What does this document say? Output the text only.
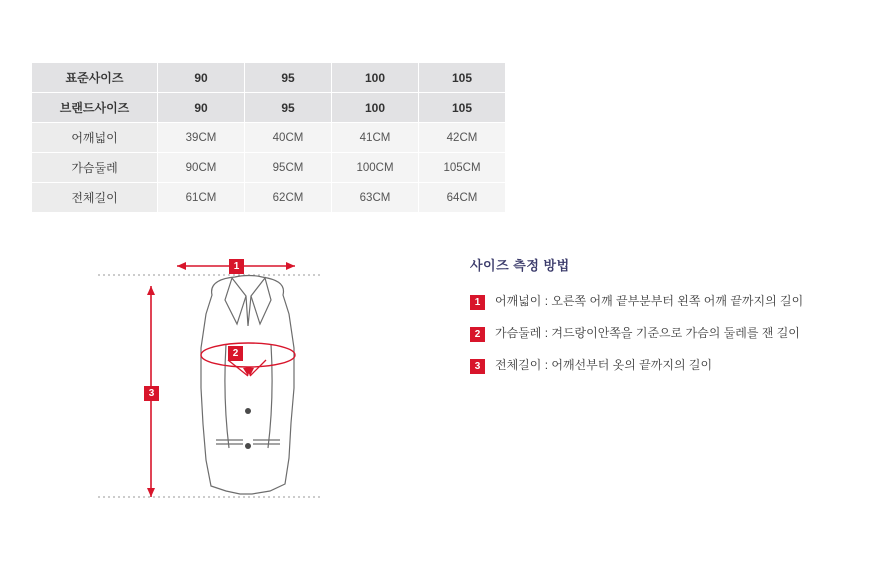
표준사이즈	90	95	100	105
브랜드사이즈	90	95	100	105
어깨넓이	39CM	40CM	41CM	42CM
가슴둘레	90CM	95CM	100CM	105CM
전체길이	61CM	62CM	63CM	64CM
1
2
3
사이즈 측정 방법
1	어깨넓이 : 오른쪽 어깨 끝부분부터 왼쪽 어깨 끝까지의 길이
2	가슴둘레 : 겨드랑이안쪽을 기준으로 가슴의 둘레를 잰 길이
3	전체길이 : 어깨선부터 옷의 끝까지의 길이
